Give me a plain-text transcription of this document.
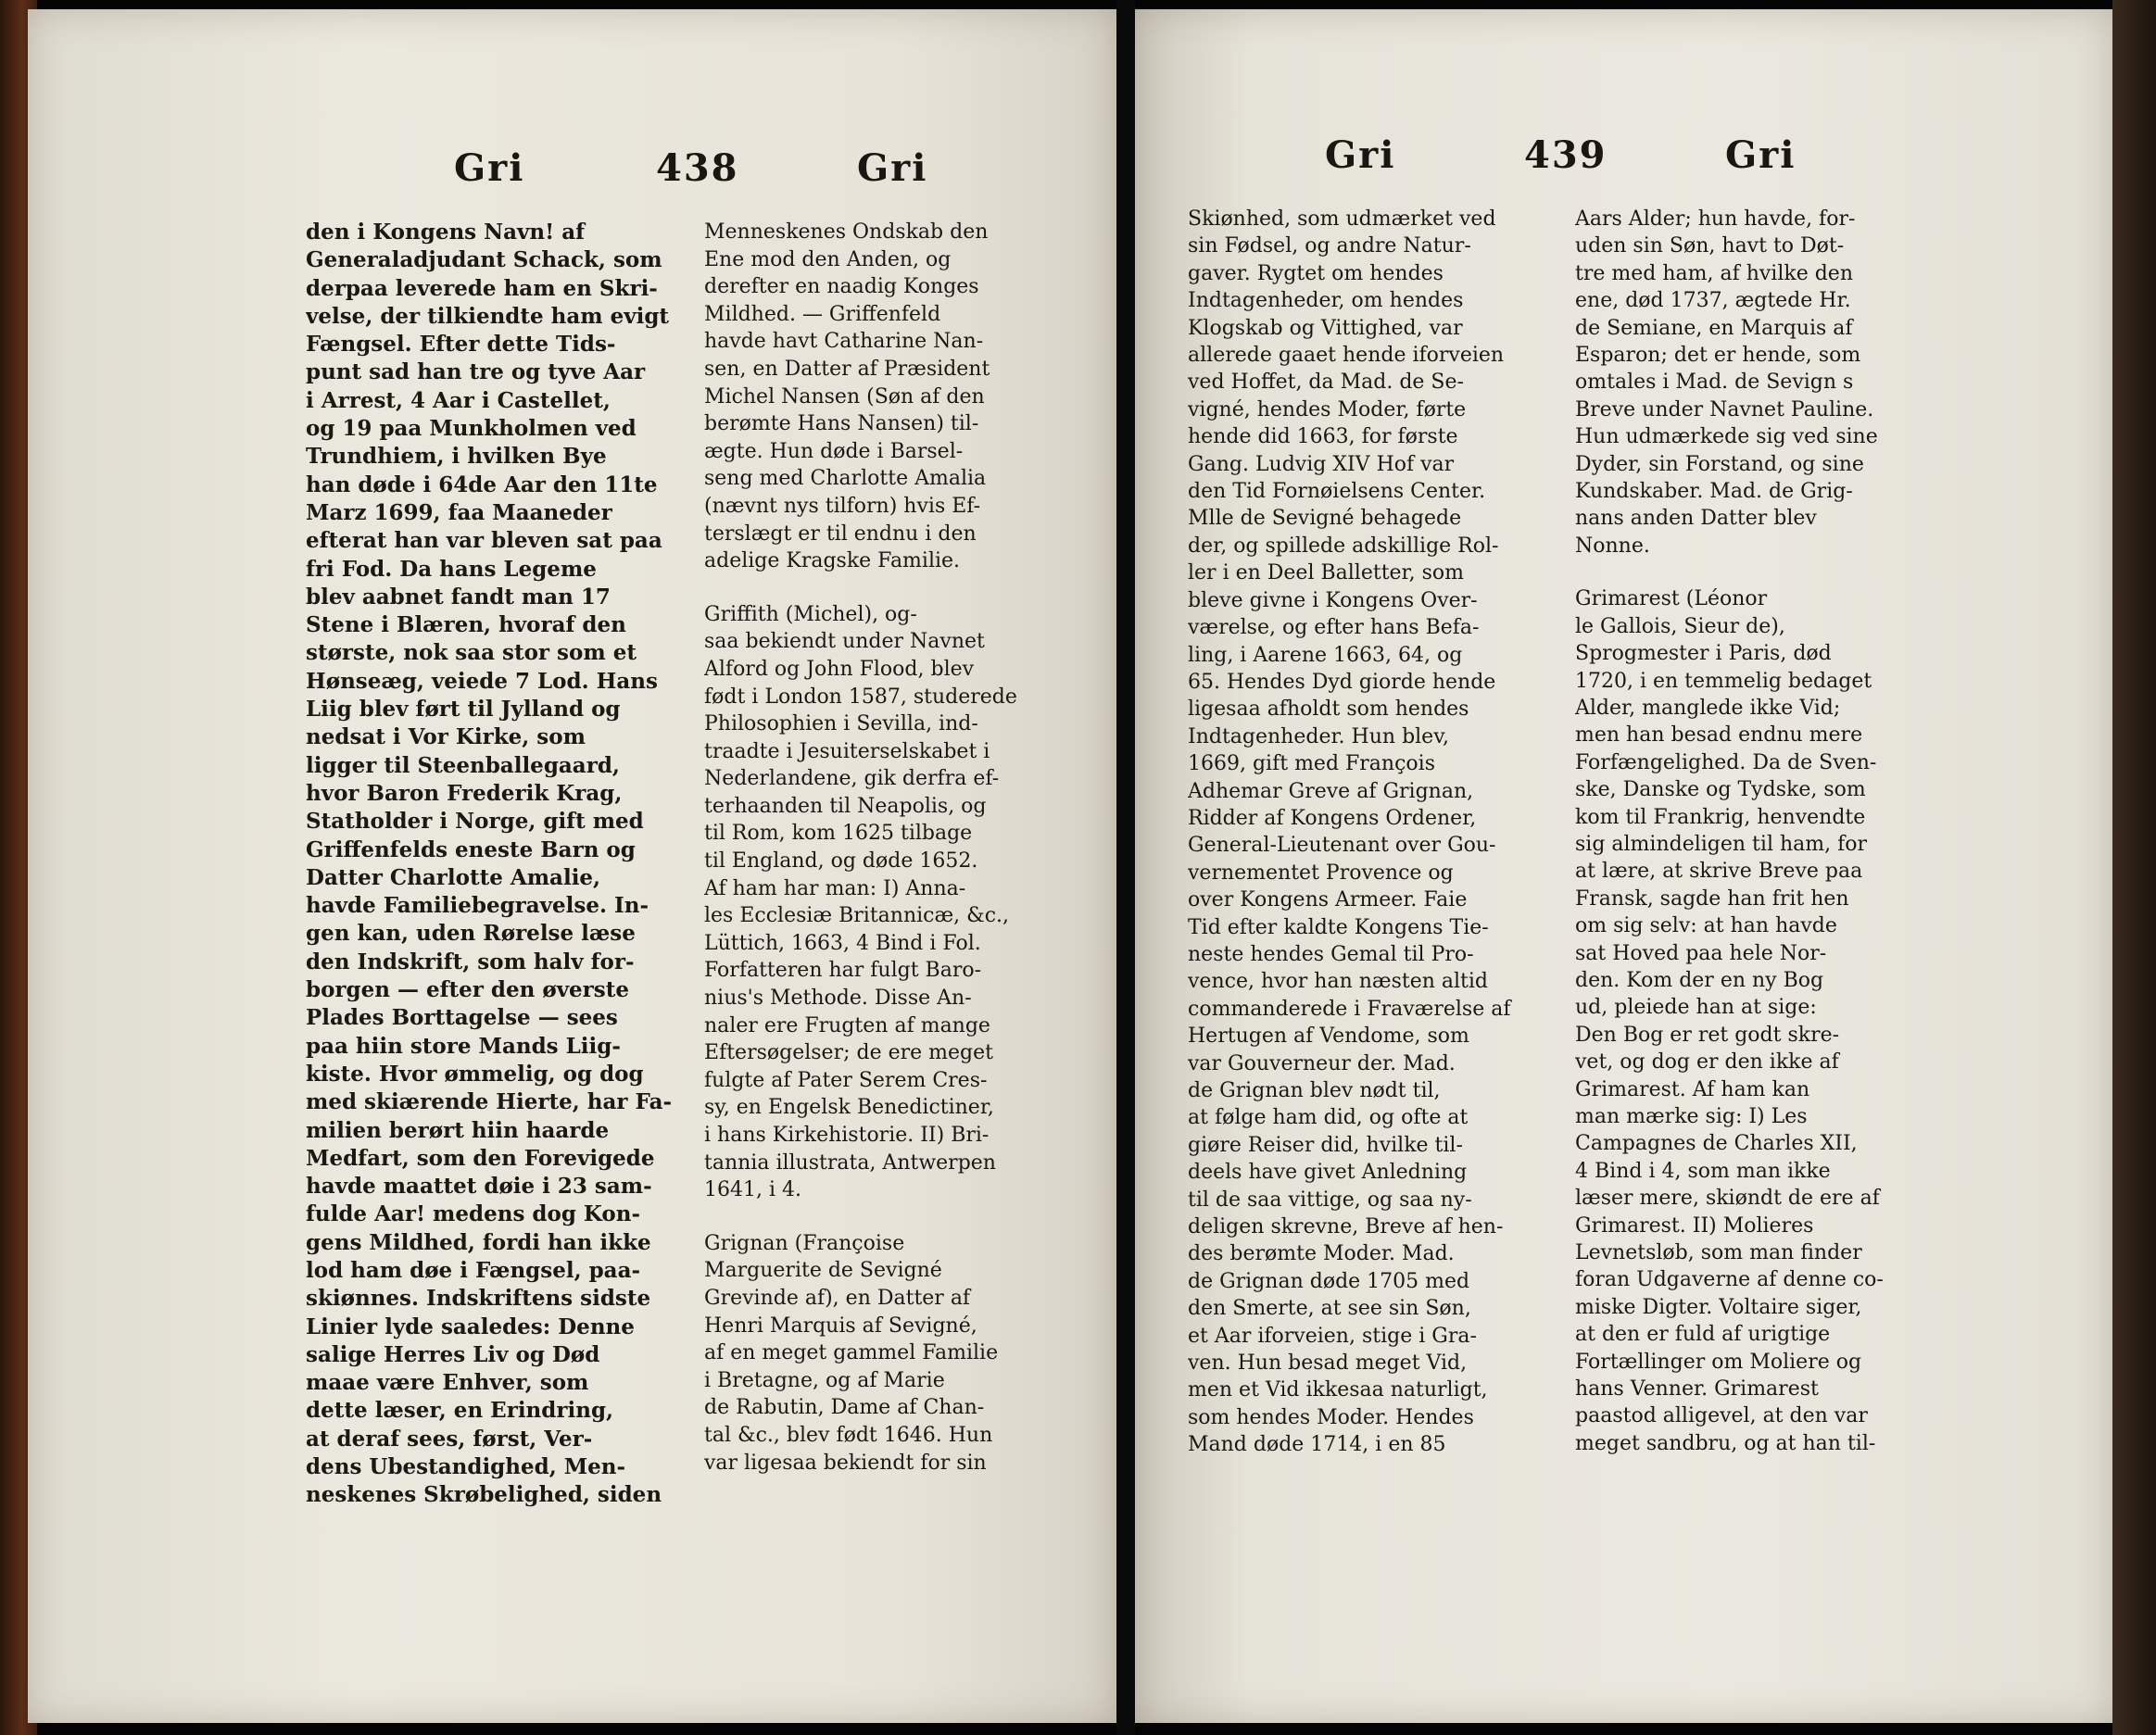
Gri	438	Gri	Gri	439	Gri
den i Kongens Navn! af
Generaladjudant Schack, som
derpaa leverede ham en Skri-
velse, der tilkiendte ham evigt
Fængsel. Efter dette Tids-
punt sad han tre og tyve Aar
i Arrest, 4 Aar i Castellet,
og 19 paa Munkholmen ved
Trundhiem, i hvilken Bye
han døde i 64de Aar den 11te
Marz 1699, faa Maaneder
efterat han var bleven sat paa
fri Fod. Da hans Legeme
blev aabnet fandt man 17
Stene i Blæren, hvoraf den
største, nok saa stor som et
Hønseæg, veiede 7 Lod. Hans
Liig blev ført til Jylland og
nedsat i Vor Kirke, som
ligger til Steenballegaard,
hvor Baron Frederik Krag,
Statholder i Norge, gift med
Griffenfelds eneste Barn og
Datter Charlotte Amalie,
havde Familiebegravelse. In-
gen kan, uden Rørelse læse
den Indskrift, som halv for-
borgen — efter den øverste
Plades Borttagelse — sees
paa hiin store Mands Liig-
kiste. Hvor ømmelig, og dog
med skiærende Hierte, har Fa-
milien berørt hiin haarde
Medfart, som den Forevigede
havde maattet døie i 23 sam-
fulde Aar! medens dog Kon-
gens Mildhed, fordi han ikke
lod ham døe i Fængsel, paa-
skiønnes. Indskriftens sidste
Linier lyde saaledes: Denne
salige Herres Liv og Død
maae være Enhver, som
dette læser, en Erindring,
at deraf sees, først, Ver-
dens Ubestandighed, Men-
neskenes Skrøbelighed, siden
Menneskenes Ondskab den
Ene mod den Anden, og
derefter en naadig Konges
Mildhed. — Griffenfeld
havde havt Catharine Nan-
sen, en Datter af Præsident
Michel Nansen (Søn af den
berømte Hans Nansen) til-
ægte. Hun døde i Barsel-
seng med Charlotte Amalia
(nævnt nys tilforn) hvis Ef-
terslægt er til endnu i den
adelige Kragske Familie.
Griffith (Michel), og-
saa bekiendt under Navnet
Alford og John Flood, blev
født i London 1587, studerede
Philosophien i Sevilla, ind-
traadte i Jesuiterselskabet i
Nederlandene, gik derfra ef-
terhaanden til Neapolis, og
til Rom, kom 1625 tilbage
til England, og døde 1652.
Af ham har man: I) Anna-
les Ecclesiæ Britannicæ, &c.,
Lüttich, 1663, 4 Bind i Fol.
Forfatteren har fulgt Baro-
nius's Methode. Disse An-
naler ere Frugten af mange
Eftersøgelser; de ere meget
fulgte af Pater Serem Cres-
sy, en Engelsk Benedictiner,
i hans Kirkehistorie. II) Bri-
tannia illustrata, Antwerpen
1641, i 4.
Grignan (Françoise
Marguerite de Sevigné
Grevinde af), en Datter af
Henri Marquis af Sevigné,
af en meget gammel Familie
i Bretagne, og af Marie
de Rabutin, Dame af Chan-
tal &c., blev født 1646. Hun
var ligesaa bekiendt for sin
Skiønhed, som udmærket ved
sin Fødsel, og andre Natur-
gaver. Rygtet om hendes
Indtagenheder, om hendes
Klogskab og Vittighed, var
allerede gaaet hende iforveien
ved Hoffet, da Mad. de Se-
vigné, hendes Moder, førte
hende did 1663, for første
Gang. Ludvig XIV Hof var
den Tid Fornøielsens Center.
Mlle de Sevigné behagede
der, og spillede adskillige Rol-
ler i en Deel Balletter, som
bleve givne i Kongens Over-
værelse, og efter hans Befa-
ling, i Aarene 1663, 64, og
65. Hendes Dyd giorde hende
ligesaa afholdt som hendes
Indtagenheder. Hun blev,
1669, gift med François
Adhemar Greve af Grignan,
Ridder af Kongens Ordener,
General-Lieutenant over Gou-
vernementet Provence og
over Kongens Armeer. Faie
Tid efter kaldte Kongens Tie-
neste hendes Gemal til Pro-
vence, hvor han næsten altid
commanderede i Fraværelse af
Hertugen af Vendome, som
var Gouverneur der. Mad.
de Grignan blev nødt til,
at følge ham did, og ofte at
giøre Reiser did, hvilke til-
deels have givet Anledning
til de saa vittige, og saa ny-
deligen skrevne, Breve af hen-
des berømte Moder. Mad.
de Grignan døde 1705 med
den Smerte, at see sin Søn,
et Aar iforveien, stige i Gra-
ven. Hun besad meget Vid,
men et Vid ikkesaa naturligt,
som hendes Moder. Hendes
Mand døde 1714, i en 85
Aars Alder; hun havde, for-
uden sin Søn, havt to Døt-
tre med ham, af hvilke den
ene, død 1737, ægtede Hr.
de Semiane, en Marquis af
Esparon; det er hende, som
omtales i Mad. de Sevign s
Breve under Navnet Pauline.
Hun udmærkede sig ved sine
Dyder, sin Forstand, og sine
Kundskaber. Mad. de Grig-
nans anden Datter blev
Nonne.
Grimarest (Léonor
le Gallois, Sieur de),
Sprogmester i Paris, død
1720, i en temmelig bedaget
Alder, manglede ikke Vid;
men han besad endnu mere
Forfængelighed. Da de Sven-
ske, Danske og Tydske, som
kom til Frankrig, henvendte
sig almindeligen til ham, for
at lære, at skrive Breve paa
Fransk, sagde han frit hen
om sig selv: at han havde
sat Hoved paa hele Nor-
den. Kom der en ny Bog
ud, pleiede han at sige:
Den Bog er ret godt skre-
vet, og dog er den ikke af
Grimarest. Af ham kan
man mærke sig: I) Les
Campagnes de Charles XII,
4 Bind i 4, som man ikke
læser mere, skiøndt de ere af
Grimarest. II) Molieres
Levnetsløb, som man finder
foran Udgaverne af denne co-
miske Digter. Voltaire siger,
at den er fuld af urigtige
Fortællinger om Moliere og
hans Venner. Grimarest
paastod alligevel, at den var
meget sandbru, og at han til-
